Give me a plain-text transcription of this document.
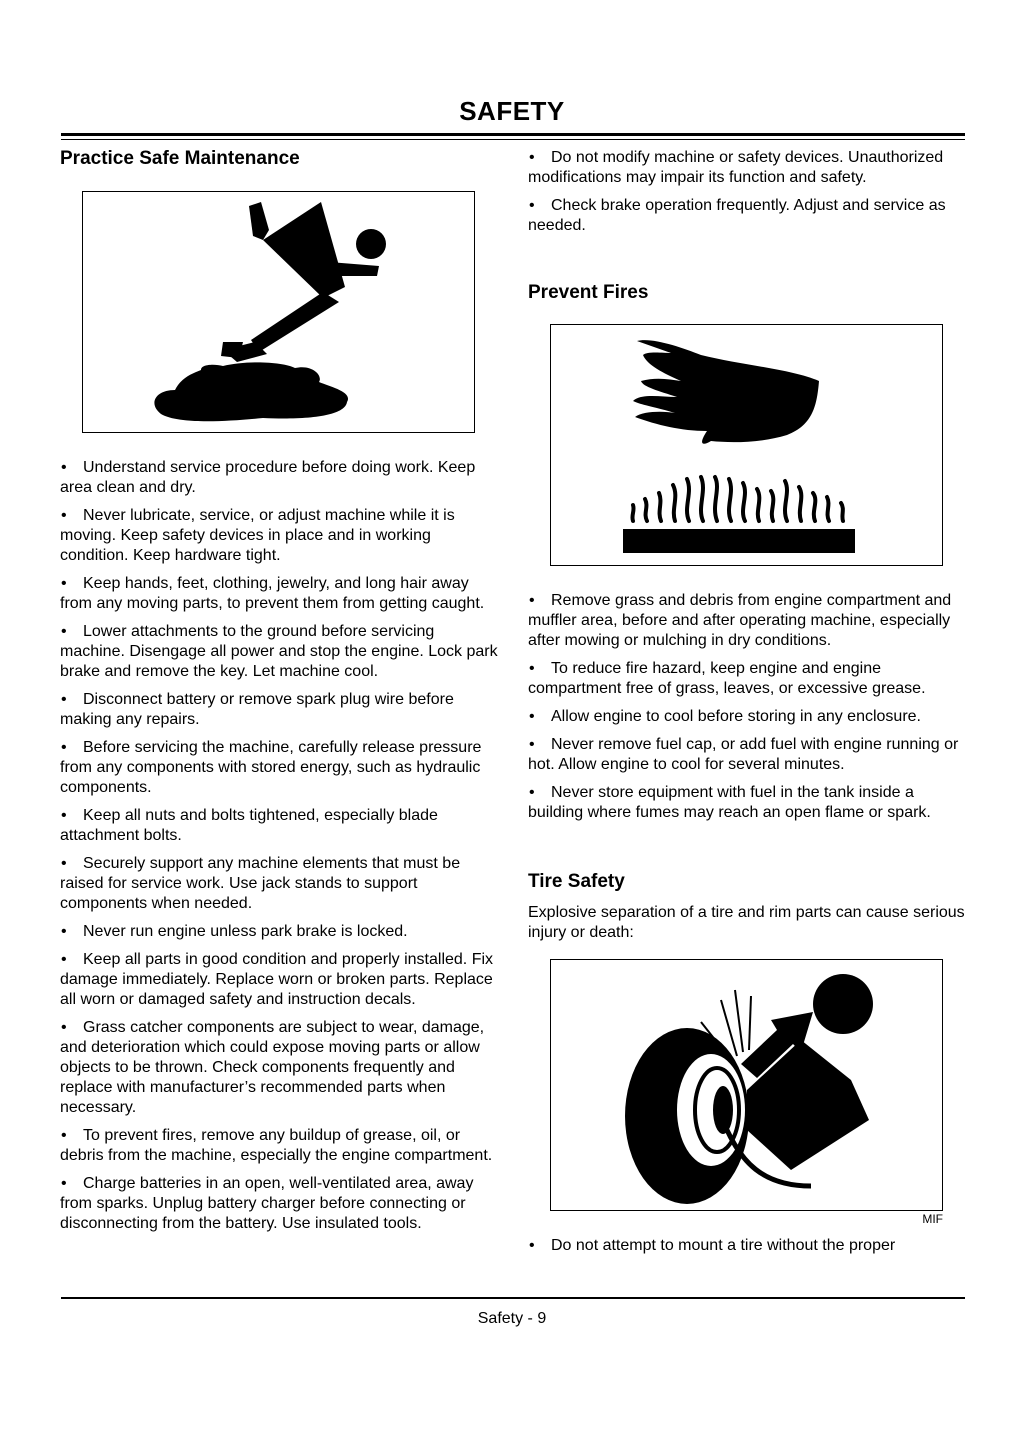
SAFETY
Practice Safe Maintenance
• Understand service procedure before doing work. Keep area clean and dry.
• Never lubricate, service, or adjust machine while it is moving. Keep safety devices in place and in working condition. Keep hardware tight.
• Keep hands, feet, clothing, jewelry, and long hair away from any moving parts, to prevent them from getting caught.
• Lower attachments to the ground before servicing machine. Disengage all power and stop the engine. Lock park brake and remove the key. Let machine cool.
• Disconnect battery or remove spark plug wire before making any repairs.
• Before servicing the machine, carefully release pressure from any components with stored energy, such as hydraulic components.
• Keep all nuts and bolts tightened, especially blade attachment bolts.
• Securely support any machine elements that must be raised for service work. Use jack stands to support components when needed.
• Never run engine unless park brake is locked.
• Keep all parts in good condition and properly installed. Fix damage immediately. Replace worn or broken parts. Replace all worn or damaged safety and instruction decals.
• Grass catcher components are subject to wear, damage, and deterioration which could expose moving parts or allow objects to be thrown. Check components frequently and replace with manufacturer’s recommended parts when necessary.
• To prevent fires, remove any buildup of grease, oil, or debris from the machine, especially the engine compartment.
• Charge batteries in an open, well-ventilated area, away from sparks. Unplug battery charger before connecting or disconnecting from the battery. Use insulated tools.
• Do not modify machine or safety devices. Unauthorized modifications may impair its function and safety.
• Check brake operation frequently. Adjust and service as needed.
Prevent Fires
• Remove grass and debris from engine compartment and muffler area, before and after operating machine, especially after mowing or mulching in dry conditions.
• To reduce fire hazard, keep engine and engine compartment free of grass, leaves, or excessive grease.
• Allow engine to cool before storing in any enclosure.
• Never remove fuel cap, or add fuel with engine running or hot. Allow engine to cool for several minutes.
• Never store equipment with fuel in the tank inside a building where fumes may reach an open flame or spark.
Tire Safety

Explosive separation of a tire and rim parts can cause serious injury or death:

MIF
• Do not attempt to mount a tire without the proper
Safety - 9
